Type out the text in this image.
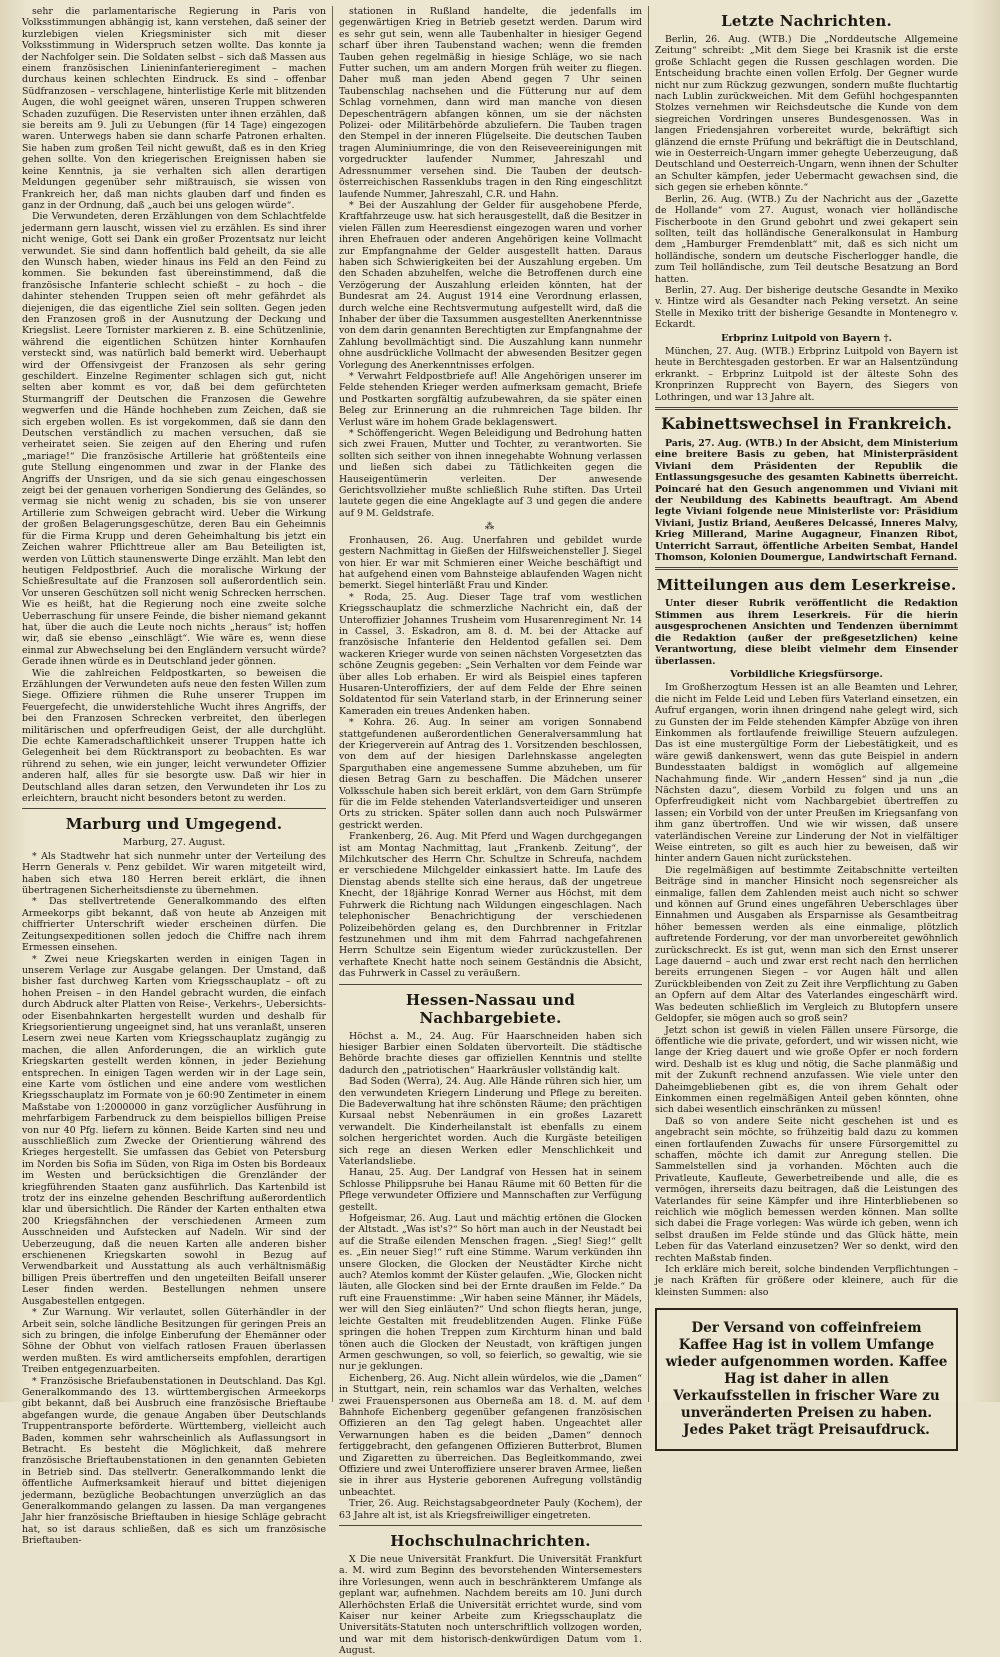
sehr die parlamentarische Regierung in Paris von Volksstimmungen abhängig ist, kann verstehen, daß seiner der kurzlebigen vielen Kriegsminister sich mit dieser Volksstimmung in Widerspruch setzen wollte. Das konnte ja der Nachfolger sein. Die Soldaten selbst – sich daß Massen aus einem französischen Linieninfanterieregiment – machen durchaus keinen schlechten Eindruck. Es sind – offenbar Südfranzosen – verschlagene, hinterlistige Kerle mit blitzenden Augen, die wohl geeignet wären, unseren Truppen schweren Schaden zuzufügen. Die Reservisten unter ihnen erzählen, daß sie bereits am 9. Juli zu Uebungen (für 14 Tage) eingezogen waren. Unterwegs haben sie dann scharfe Patronen erhalten. Sie haben zum großen Teil nicht gewußt, daß es in den Krieg gehen sollte. Von den kriegerischen Ereignissen haben sie keine Kenntnis, ja sie verhalten sich allen derartigen Meldungen gegenüber sehr mißtrauisch, sie wissen von Frankreich her, daß man nichts glauben darf und finden es ganz in der Ordnung, daß „auch bei uns gelogen würde“.

Die Verwundeten, deren Erzählungen von dem Schlachtfelde jedermann gern lauscht, wissen viel zu erzählen. Es sind ihrer nicht wenige, Gott sei Dank ein großer Prozentsatz nur leicht verwundet. Sie sind dann hoffentlich bald geheilt, da sie alle den Wunsch haben, wieder hinaus ins Feld an den Feind zu kommen. Sie bekunden fast übereinstimmend, daß die französische Infanterie schlecht schießt – zu hoch – die dahinter stehenden Truppen seien oft mehr gefährdet als diejenigen, die das eigentliche Ziel sein sollten. Gegen jeden den Franzosen groß in der Ausnutzung der Deckung und Kriegslist. Leere Tornister markieren z. B. eine Schützenlinie, während die eigentlichen Schützen hinter Kornhaufen versteckt sind, was natürlich bald bemerkt wird. Ueberhaupt wird der Offensivgeist der Franzosen als sehr gering geschildert. Einzelne Regimenter schlagen sich gut, nicht selten aber kommt es vor, daß bei dem gefürchteten Sturmangriff der Deutschen die Franzosen die Gewehre wegwerfen und die Hände hochheben zum Zeichen, daß sie sich ergeben wollen. Es ist vorgekommen, daß sie dann den Deutschen verständlich zu machen versuchen, daß sie verheiratet seien. Sie zeigen auf den Ehering und rufen „mariage!“ Die französische Artillerie hat größtenteils eine gute Stellung eingenommen und zwar in der Flanke des Angriffs der Unsrigen, und da sie sich genau eingeschossen zeigt bei der genauen vorherigen Sondierung des Geländes, so vermag sie nicht wenig zu schaden, bis sie von unserer Artillerie zum Schweigen gebracht wird. Ueber die Wirkung der großen Belagerungsgeschütze, deren Bau ein Geheimnis für die Firma Krupp und deren Geheimhaltung bis jetzt ein Zeichen wahrer Pflichttreue aller am Bau Beteiligten ist, werden von Lüttich staunenswerte Dinge erzählt. Man lebt den heutigen Feldpostbrief. Auch die moralische Wirkung der Schießresultate auf die Franzosen soll außerordentlich sein. Vor unseren Geschützen soll nicht wenig Schrecken herrschen. Wie es heißt, hat die Regierung noch eine zweite solche Ueberraschung für unsere Feinde, die bisher niemand gekannt hat, über die auch die Leute noch nichts „heraus“ ist; hoffen wir, daß sie ebenso „einschlägt“. Wie wäre es, wenn diese einmal zur Abwechselung bei den Engländern versucht würde? Gerade ihnen würde es in Deutschland jeder gönnen.

Wie die zahlreichen Feldpostkarten, so beweisen die Erzählungen der Verwundeten aufs neue den festen Willen zum Siege. Offiziere rühmen die Ruhe unserer Truppen im Feuergefecht, die unwiderstehliche Wucht ihres Angriffs, der bei den Franzosen Schrecken verbreitet, den überlegen militärischen und opferfreudigen Geist, der alle durchglüht. Die echte Kameradschaftlichkeit unserer Truppen hatte ich Gelegenheit bei dem Rücktransport zu beobachten. Es war rührend zu sehen, wie ein junger, leicht verwundeter Offizier anderen half, alles für sie besorgte usw. Daß wir hier in Deutschland alles daran setzen, den Verwundeten ihr Los zu erleichtern, braucht nicht besonders betont zu werden.

Marburg und Umgegend.
Marburg, 27. August.

* Als Stadtwehr hat sich nunmehr unter der Verteilung des Herrn Generals v. Penz gebildet. Wir waren mitgeteilt wird, haben sich etwa 180 Herren bereit erklärt, die ihnen übertragenen Sicherheitsdienste zu übernehmen.

* Das stellvertretende Generalkommando des elften Armeekorps gibt bekannt, daß von heute ab Anzeigen mit chiffrierter Unterschrift wieder erscheinen dürfen. Die Zeitungsexpeditionen sollen jedoch die Chiffre nach ihrem Ermessen einsehen.

* Zwei neue Kriegskarten werden in einigen Tagen in unserem Verlage zur Ausgabe gelangen. Der Umstand, daß bisher fast durchweg Karten vom Kriegsschauplatz – oft zu hohen Preisen – in den Handel gebracht wurden, die einfach durch Abdruck alter Platten von Reise-, Verkehrs-, Uebersichts- oder Eisenbahnkarten hergestellt wurden und deshalb für Kriegsorientierung ungeeignet sind, hat uns veranlaßt, unseren Lesern zwei neue Karten vom Kriegsschauplatz zugängig zu machen, die allen Anforderungen, die an wirklich gute Kriegskarten gestellt werden können, in jeder Beziehung entsprechen. In einigen Tagen werden wir in der Lage sein, eine Karte vom östlichen und eine andere vom westlichen Kriegsschauplatz im Formate von je 60:90 Zentimeter in einem Maßstabe von 1:2000000 in ganz vorzüglicher Ausführung in mehrfarbigem Farbendruck zu dem beispiellos billigen Preise von nur 40 Pfg. liefern zu können. Beide Karten sind neu und ausschließlich zum Zwecke der Orientierung während des Krieges hergestellt. Sie umfassen das Gebiet von Petersburg im Norden bis Sofia im Süden, von Riga im Osten bis Bordeaux im Westen und berücksichtigen die Grenzländer der kriegführenden Staaten ganz ausführlich. Das Kartenbild ist trotz der ins einzelne gehenden Beschriftung außerordentlich klar und übersichtlich. Die Ränder der Karten enthalten etwa 200 Kriegsfähnchen der verschiedenen Armeen zum Ausschneiden und Aufstecken auf Nadeln. Wir sind der Ueberzeugung, daß die neuen Karten alle anderen bisher erschienenen Kriegskarten sowohl in Bezug auf Verwendbarkeit und Ausstattung als auch verhältnismäßig billigen Preis übertreffen und den ungeteilten Beifall unserer Leser finden werden. Bestellungen nehmen unsere Ausgabestellen entgegen.

* Zur Warnung. Wir verlautet, sollen Güterhändler in der Arbeit sein, solche ländliche Besitzungen für geringen Preis an sich zu bringen, die infolge Einberufung der Ehemänner oder Söhne der Obhut von vielfach ratlosen Frauen überlassen werden mußten. Es wird amtlicherseits empfohlen, derartigen Treiben entgegenzuarbeiten.

* Französische Briefaubenstationen in Deutschland. Das Kgl. Generalkommando des 13. württembergischen Armeekorps gibt bekannt, daß bei Ausbruch eine französische Brieftaube abgefangen wurde, die genaue Angaben über Deutschlands Truppentransporte beförderte. Württemberg, vielleicht auch Baden, kommen sehr wahrscheinlich als Auflassungsort in Betracht. Es besteht die Möglichkeit, daß mehrere französische Brieftaubenstationen in den genannten Gebieten in Betrieb sind. Das stellvertr. Generalkommando lenkt die öffentliche Aufmerksamkeit hierauf und bittet diejenigen jedermann, bezügliche Beobachtungen unverzüglich an das Generalkommando gelangen zu lassen. Da man vergangenes Jahr hier französische Brieftauben in hiesige Schläge gebracht hat, so ist daraus schließen, daß es sich um französische Brieftauben-

stationen in Rußland handelte, die jedenfalls im gegenwärtigen Krieg in Betrieb gesetzt werden. Darum wird es sehr gut sein, wenn alle Taubenhalter in hiesiger Gegend scharf über ihren Taubenstand wachen; wenn die fremden Tauben gehen regelmäßig in hiesige Schläge, wo sie nach Futter suchen, um am andern Morgen früh weiter zu fliegen. Daher muß man jeden Abend gegen 7 Uhr seinen Taubenschlag nachsehen und die Fütterung nur auf dem Schlag vornehmen, dann wird man manche von diesen Depeschenträgern abfangen können, um sie der nächsten Polizei- oder Militärbehörde abzuliefern. Die Tauben tragen den Stempel in der inneren Flügelseite. Die deutschen Tauben tragen Aluminiumringe, die von den Reiseveereinigungen mit vorgedruckter laufender Nummer, Jahreszahl und Adressnummer versehen sind. Die Tauben der deutsch-österreichischen Rassenklubs tragen in den Ring eingeschlitzt laufende Nummer, Jahreszahl, C.R. und Hahn.

* Bei der Auszahlung der Gelder für ausgehobene Pferde, Kraftfahrzeuge usw. hat sich herausgestellt, daß die Besitzer in vielen Fällen zum Heeresdienst eingezogen waren und vorher ihren Ehefrauen oder anderen Angehörigen keine Vollmacht zur Empfangnahme der Gelder ausgestellt hatten. Daraus haben sich Schwierigkeiten bei der Auszahlung ergeben. Um den Schaden abzuhelfen, welche die Betroffenen durch eine Verzögerung der Auszahlung erleiden könnten, hat der Bundesrat am 24. August 1914 eine Verordnung erlassen, durch welche eine Rechtsvermutung aufgestellt wird, daß die Inhaber der über die Taxsummen ausgestellten Anerkenntnisse von dem darin genannten Berechtigten zur Empfangnahme der Zahlung bevollmächtigt sind. Die Auszahlung kann nunmehr ohne ausdrückliche Vollmacht der abwesenden Besitzer gegen Vorlegung des Anerkenntnisses erfolgen.

* Verwahrt Feldpostbriefe auf! Alle Angehörigen unserer im Felde stehenden Krieger werden aufmerksam gemacht, Briefe und Postkarten sorgfältig aufzubewahren, da sie später einen Beleg zur Erinnerung an die ruhmreichen Tage bilden. Ihr Verlust wäre im hohem Grade beklagenswert.

* Schöffengericht. Wegen Beleidigung und Bedrohung hatten sich zwei Frauen, Mutter und Tochter, zu verantworten. Sie sollten sich seither von ihnen innegehabte Wohnung verlassen und ließen sich dabei zu Tätlichkeiten gegen die Hauseigentümerin verleiten. Der anwesende Gerichtsvollzieher mußte schließlich Ruhe stiften. Das Urteil lautete gegen die eine Angeklagte auf 3 und gegen die andere auf 9 M. Geldstrafe.

⁂

Fronhausen, 26. Aug. Unerfahren und gebildet wurde gestern Nachmittag in Gießen der Hilfsweichensteller J. Siegel von hier. Er war mit Schmieren einer Weiche beschäftigt und hat aufgehend einen vom Bahnsteige ablaufenden Wagen nicht bemerkt. Siegel hinterläßt Frau und Kinder.

* Roda, 25. Aug. Dieser Tage traf vom westlichen Kriegsschauplatz die schmerzliche Nachricht ein, daß der Unteroffizier Johannes Trusheim vom Husarenregiment Nr. 14 in Cassel, 3. Eskadron, am 8. d. M. bei der Attacke auf französische Infanterie den Heldentod gefallen sei. Dem wackeren Krieger wurde von seinen nächsten Vorgesetzten das schöne Zeugnis gegeben: „Sein Verhalten vor dem Feinde war über alles Lob erhaben. Er wird als Beispiel eines tapferen Husaren-Unteroffiziers, der auf dem Felde der Ehre seinen Soldatentod für sein Vaterland starb, in der Erinnerung seiner Kameraden ein treues Andenken haben.

* Kohra. 26. Aug. In seiner am vorigen Sonnabend stattgefundenen außerordentlichen Generalversammlung hat der Kriegerverein auf Antrag des 1. Vorsitzenden beschlossen, von dem auf der hiesigen Darlehnskasse angelegten Sparguthaben eine angemessene Summe abzuheben, um für diesen Betrag Garn zu beschaffen. Die Mädchen unserer Volksschule haben sich bereit erklärt, von dem Garn Strümpfe für die im Felde stehenden Vaterlandsverteidiger und unseren Orts zu stricken. Später sollen dann auch noch Pulswärmer gestrickt werden.

Frankenberg, 26. Aug. Mit Pferd und Wagen durchgegangen ist am Montag Nachmittag, laut „Frankenb. Zeitung“, der Milchkutscher des Herrn Chr. Schultze in Schreufa, nachdem er verschiedene Milchgelder einkassiert hatte. Im Laufe des Dienstag abends stellte sich eine heraus, daß der ungetreue Knecht, der 18jährige Konrad Werner aus Höchst, mit dem Fuhrwerk die Richtung nach Wildungen eingeschlagen. Nach telephonischer Benachrichtigung der verschiedenen Polizeibehörden gelang es, den Durchbrenner in Fritzlar festzunehmen und ihm mit dem Fahrrad nachgefahrenen Herrn Schultze sein Eigentum wieder zurückzustellen. Der verhaftete Knecht hatte noch seinem Geständnis die Absicht, das Fuhrwerk in Cassel zu veräußern.

Hessen-Nassau und Nachbargebiete.

Höchst a. M., 24. Aug. Für Haarschneiden haben sich hiesiger Barbier einen Soldaten übervorteilt. Die städtische Behörde brachte dieses gar offiziellen Kenntnis und stellte dadurch den „patriotischen“ Haarkräusler vollständig kalt.

Bad Soden (Werra), 24. Aug. Alle Hände rühren sich hier, um den verwundeten Kriegern Linderung und Pflege zu bereiten. Die Badeverwaltung hat ihre schönsten Räume; den prächtigen Kursaal nebst Nebenräumen in ein großes Lazarett verwandelt. Die Kinderheilanstalt ist ebenfalls zu einem solchen hergerichtet worden. Auch die Kurgäste beteiligen sich rege an diesen Werken edler Menschlichkeit und Vaterlandsliebe.

Hanau, 25. Aug. Der Landgraf von Hessen hat in seinem Schlosse Philippsruhe bei Hanau Räume mit 60 Betten für die Pflege verwundeter Offiziere und Mannschaften zur Verfügung gestellt.

Hofgeismar, 26. Aug. Laut und mächtig ertönen die Glocken der Altstadt. „Was ist's?“ So hört man auch in der Neustadt bei auf die Straße eilenden Menschen fragen. „Sieg! Sieg!“ gellt es. „Ein neuer Sieg!“ ruft eine Stimme. Warum verkünden ihn unsere Glocken, die Glocken der Neustädter Kirche nicht auch? Atemlos kommt der Küster gelaufen. „Wie, Glocken nicht läuten, alle Glocken sind bei der Ernte draußen im Felde.“ Da ruft eine Frauenstimme: „Wir haben seine Männer, ihr Mädels, wer will den Sieg einläuten?“ Und schon fliegts heran, junge, leichte Gestalten mit freudeblitzenden Augen. Flinke Füße springen die hohen Treppen zum Kirchturm hinan und bald tönen auch die Glocken der Neustadt, von kräftigen jungen Armen geschwungen, so voll, so feierlich, so gewaltig, wie sie nur je geklungen.

Eichenberg, 26. Aug. Nicht allein würdelos, wie die „Damen“ in Stuttgart, nein, rein schamlos war das Verhalten, welches zwei Frauenspersonen aus Oberneßa am 18. d. M. auf dem Bahnhofe Eichenberg gegenüber gefangenen französischen Offizieren an den Tag gelegt haben. Ungeachtet aller Verwarnungen haben es die beiden „Damen“ dennoch fertiggebracht, den gefangenen Offizieren Butterbrot, Blumen und Zigaretten zu überreichen. Das Begleitkommando, zwei Offiziere und zwei Unteroffiziere unserer braven Armee, ließen sie in ihrer aus Hysterie geborenen Aufregung vollständig unbeachtet.

Trier, 26. Aug. Reichstagsabgeordneter Pauly (Kochem), der 63 Jahre alt ist, ist als Kriegsfreiwilliger eingetreten.

Hochschulnachrichten.

X Die neue Universität Frankfurt. Die Universität Frankfurt a. M. wird zum Beginn des bevorstehenden Wintersemesters ihre Vorlesungen, wenn auch in beschränkterem Umfange als geplant war, aufnehmen. Nachdem bereits am 10. Juni durch Allerhöchsten Erlaß die Universität errichtet wurde, sind vom Kaiser nur keiner Arbeite zum Kriegsschauplatz die Universitäts-Statuten noch unterschriftlich vollzogen worden, und war mit dem historisch-denkwürdigen Datum vom 1. August.

Letzte Nachrichten.

Berlin, 26. Aug. (WTB.) Die „Norddeutsche Allgemeine Zeitung“ schreibt: „Mit dem Siege bei Krasnik ist die erste große Schlacht gegen die Russen geschlagen worden. Die Entscheidung brachte einen vollen Erfolg. Der Gegner wurde nicht nur zum Rückzug gezwungen, sondern mußte fluchtartig nach Lublin zurückweichen. Mit dem Gefühl hochgespannten Stolzes vernehmen wir Reichsdeutsche die Kunde von dem siegreichen Vordringen unseres Bundesgenossen. Was in langen Friedensjahren vorbereitet wurde, bekräftigt sich glänzend die ernste Prüfung und bekräftigt die in Deutschland, wie in Oesterreich-Ungarn immer gehegte Ueberzeugung, daß Deutschland und Oesterreich-Ungarn, wenn ihnen der Schulter an Schulter kämpfen, jeder Uebermacht gewachsen sind, die sich gegen sie erheben könnte.“

Berlin, 26. Aug. (WTB.) Zu der Nachricht aus der „Gazette de Hollande“ vom 27. August, wonach vier holländische Fischerboote in den Grund gebohrt und zwei gekapert sein sollten, teilt das holländische Generalkonsulat in Hamburg dem „Hamburger Fremdenblatt“ mit, daß es sich nicht um holländische, sondern um deutsche Fischerlogger handle, die zum Teil holländische, zum Teil deutsche Besatzung an Bord hatten.

Berlin, 27. Aug. Der bisherige deutsche Gesandte in Mexiko v. Hintze wird als Gesandter nach Peking versetzt. An seine Stelle in Mexiko tritt der bisherige Gesandte in Montenegro v. Eckardt.

Erbprinz Luitpold von Bayern †.

München, 27. Aug. (WTB.) Erbprinz Luitpold von Bayern ist heute in Berchtesgaden gestorben. Er war an Halsentzündung erkrankt. – Erbprinz Luitpold ist der älteste Sohn des Kronprinzen Rupprecht von Bayern, des Siegers von Lothringen, und war 13 Jahre alt.

Kabinettswechsel in Frankreich.

Paris, 27. Aug. (WTB.) In der Absicht, dem Ministerium eine breitere Basis zu geben, hat Ministerpräsident Viviani dem Präsidenten der Republik die Entlassungsgesuche des gesamten Kabinetts überreicht. Poincaré hat den Gesuch angenommen und Viviani mit der Neubildung des Kabinetts beauftragt. Am Abend legte Viviani folgende neue Ministerliste vor: Präsidium Viviani, Justiz Briand, Aeußeres Delcassé, Inneres Malvy, Krieg Millerand, Marine Augagneur, Finanzen Ribot, Unterricht Sarraut, öffentliche Arbeiten Sembat, Handel Thomson, Kolonien Doumergue, Landwirtschaft Fernand.

Mitteilungen aus dem Leserkreise.

Unter dieser Rubrik veröffentlicht die Redaktion Stimmen aus ihrem Leserkreis. Für die hierin ausgesprochenen Ansichten und Tendenzen übernimmt die Redaktion (außer der preßgesetzlichen) keine Verantwortung, diese bleibt vielmehr dem Einsender überlassen.

Vorbildliche Kriegsfürsorge.

Im Großherzogtum Hessen ist an alle Beamten und Lehrer, die nicht im Felde Leid und Leben fürs Vaterland einsetzen, ein Aufruf ergangen, worin ihnen dringend nahe gelegt wird, sich zu Gunsten der im Felde stehenden Kämpfer Abzüge von ihren Einkommen als fortlaufende freiwillige Steuern aufzulegen. Das ist eine mustergültige Form der Liebestätigkeit, und es wäre gewiß dankenswert, wenn das gute Beispiel in andern Bundesstaaten baldigst in womöglich auf allgemeine Nachahmung finde. Wir „andern Hessen“ sind ja nun „die Nächsten dazu“, diesem Vorbild zu folgen und uns an Opferfreudigkeit nicht vom Nachbargebiet übertreffen zu lassen; ein Vorbild von der unter Preußen im Kriegsanfang von ihm ganz übertroffen. Und wie wir wissen, daß unsere vaterländischen Vereine zur Linderung der Not in vielfältiger Weise eintreten, so gilt es auch hier zu beweisen, daß wir hinter andern Gauen nicht zurückstehen.

Die regelmäßigen auf bestimmte Zeitabschnitte verteilten Beiträge sind in mancher Hinsicht noch segensreicher als einmalige, fallen dem Zahlenden meist auch nicht so schwer und können auf Grund eines ungefähren Ueberschlages über Einnahmen und Ausgaben als Ersparnisse als Gesamtbeitrag höher bemessen werden als eine einmalige, plötzlich auftretende Forderung, vor der man unvorbereitet gewöhnlich zurückschreckt. Es ist gut, wenn man sich den Ernst unserer Lage dauernd – auch und zwar erst recht nach den herrlichen bereits errungenen Siegen – vor Augen hält und allen Zurückbleibenden von Zeit zu Zeit ihre Verpflichtung zu Gaben an Opfern auf dem Altar des Vaterlandes eingeschärft wird. Was bedeuten schließlich im Vergleich zu Blutopfern unsere Geldopfer, sie mögen auch so groß sein?

Jetzt schon ist gewiß in vielen Fällen unsere Fürsorge, die öffentliche wie die private, gefordert, und wir wissen nicht, wie lange der Krieg dauert und wie große Opfer er noch fordern wird. Deshalb ist es klug und nötig, die Sache planmäßig und mit der Zukunft rechnend anzufassen. Wie viele unter den Daheimgebliebenen gibt es, die von ihrem Gehalt oder Einkommen einen regelmäßigen Anteil geben könnten, ohne sich dabei wesentlich einschränken zu müssen!

Daß so von andere Seite nicht geschehen ist und es angebracht sein möchte, so frühzeitig bald dazu zu kommen einen fortlaufenden Zuwachs für unsere Fürsorgemittel zu schaffen, möchte ich damit zur Anregung stellen. Die Sammelstellen sind ja vorhanden. Möchten auch die Privatleute, Kaufleute, Gewerbetreibende und alle, die es vermögen, ihrerseits dazu beitragen, daß die Leistungen des Vaterlandes für seine Kämpfer und ihre Hinterbliebenen so reichlich wie möglich bemessen werden können. Man sollte sich dabei die Frage vorlegen: Was würde ich geben, wenn ich selbst draußen im Felde stünde und das Glück hätte, mein Leben für das Vaterland einzusetzen? Wer so denkt, wird den rechten Maßstab finden.

Ich erkläre mich bereit, solche bindenden Verpflichtungen – je nach Kräften für größere oder kleinere, auch für die kleinsten Summen: also

Der Versand von coffeinfreiem Kaffee Hag ist in vollem Umfange wieder aufgenommen worden. Kaffee Hag ist daher in allen Verkaufsstellen in frischer Ware zu unveränderten Preisen zu haben. Jedes Paket trägt Preisaufdruck.
